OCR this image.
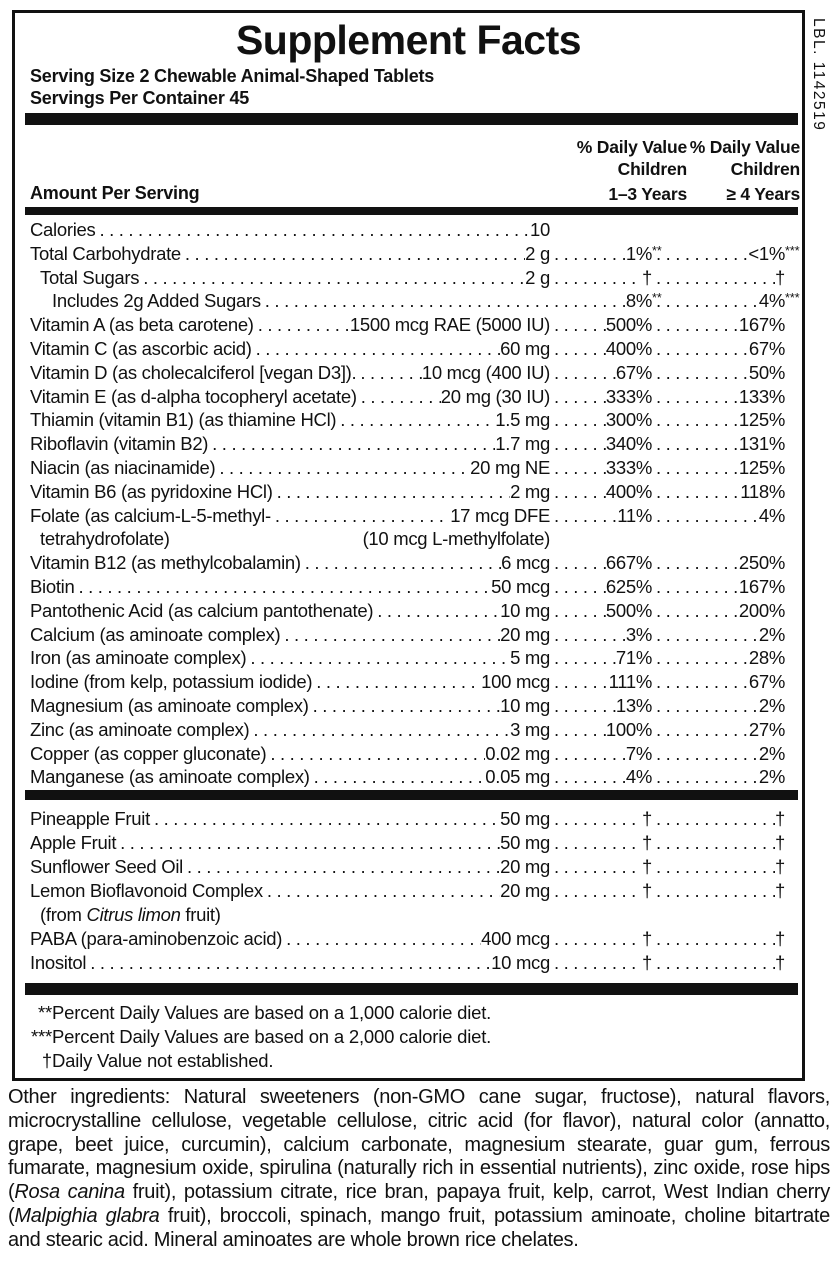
Supplement Facts
Serving Size 2 Chewable Animal-Shaped Tablets
Servings Per Container 45
Amount Per Serving
% Daily Value
Children
1–3 Years
% Daily Value
Children
≥ 4 Years
Calories .....	10
Total Carbohydrate .....	2 g .....	1% ** .....	<1% ***
Total Sugars .....	2 g .....	† .....	†
Includes 2g Added Sugars ..... .....	8% ** .....	4% ***
Vitamin A (as beta carotene) .....	1500 mcg RAE (5000 IU) .....	500% .....	167%
Vitamin C (as ascorbic acid) .....	60 mg .....	400% .....	67%
Vitamin D (as cholecalciferol [vegan D3]). .....	10 mcg (400 IU) .....	67% .....	50%
Vitamin E (as d-alpha tocopheryl acetate) .....	20 mg (30 IU) .....	333% .....	133%
Thiamin (vitamin B1) (as thiamine HCl) .....	1.5 mg .....	300% .....	125%
Riboflavin (vitamin B2) .....	1.7 mg .....	340% .....	131%
Niacin (as niacinamide) .....	20 mg NE .....	333% .....	125%
Vitamin B6 (as pyridoxine HCl) .....	2 mg .....	400% .....	118%
Folate (as calcium-L-5-methyl- .....	17 mcg DFE .....	11% .....	4%
tetrahydrofolate)	(10 mcg L-methylfolate)
Vitamin B12 (as methylcobalamin) .....	6 mcg .....	667% .....	250%
Biotin .....	50 mcg .....	625% .....	167%
Pantothenic Acid (as calcium pantothenate) .....	10 mg .....	500% .....	200%
Calcium (as aminoate complex) .....	20 mg .....	3% .....	2%
Iron (as aminoate complex) .....	5 mg .....	71% .....	28%
Iodine (from kelp, potassium iodide) .....	100 mcg .....	111% .....	67%
Magnesium (as aminoate complex) .....	10 mg .....	13% .....	2%
Zinc (as aminoate complex) .....	3 mg .....	100% .....	27%
Copper (as copper gluconate) .....	0.02 mg .....	7% .....	2%
Manganese (as aminoate complex) .....	0.05 mg .....	4% .....	2%
Pineapple Fruit .....	50 mg .....	† .....	†
Apple Fruit .....	50 mg .....	† .....	†
Sunflower Seed Oil .....	20 mg .....	† .....	†
Lemon Bioflavonoid Complex .....	20 mg .....	† .....	†
(from Citrus limon fruit)
PABA (para-aminobenzoic acid) .....	400 mcg .....	† .....	†
Inositol .....	10 mcg .....	† .....	†
** Percent Daily Values are based on a 1,000 calorie diet.
*** Percent Daily Values are based on a 2,000 calorie diet.
† Daily Value not established.
LBL. 1142519

Other ingredients: Natural sweeteners (non-GMO cane sugar, fructose), natural flavors, microcrystalline cellulose, vegetable cellulose, citric acid (for flavor), natural color (annatto, grape, beet juice, curcumin), calcium carbonate, magnesium stearate, guar gum, ferrous fumarate, magnesium oxide, spirulina (naturally rich in essential nutrients), zinc oxide, rose hips (Rosa canina fruit), potassium citrate, rice bran, papaya fruit, kelp, carrot, West Indian cherry (Malpighia glabra fruit), broccoli, spinach, mango fruit, potassium aminoate, choline bitartrate and stearic acid. Mineral aminoates are whole brown rice chelates.
